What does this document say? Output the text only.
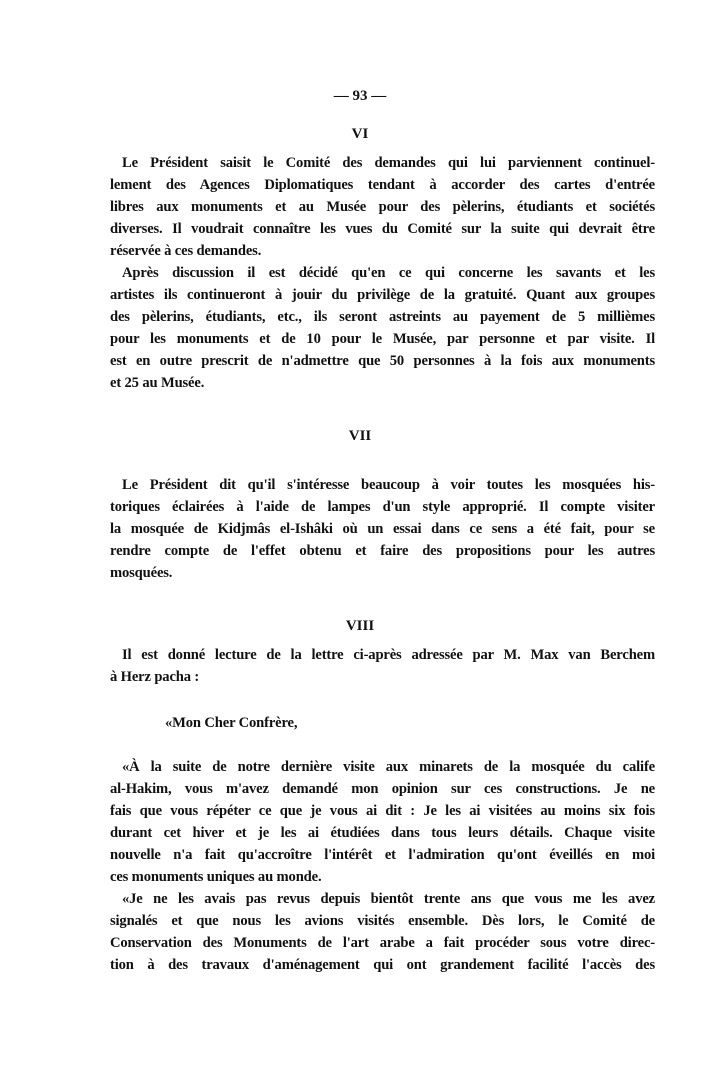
— 93 —
VI
Le Président saisit le Comité des demandes qui lui parviennent continuel-
lement des Agences Diplomatiques tendant à accorder des cartes d'entrée
libres aux monuments et au Musée pour des pèlerins, étudiants et sociétés
diverses. Il voudrait connaître les vues du Comité sur la suite qui devrait être
réservée à ces demandes.
Après discussion il est décidé qu'en ce qui concerne les savants et les
artistes ils continueront à jouir du privilège de la gratuité. Quant aux groupes
des pèlerins, étudiants, etc., ils seront astreints au payement de 5 millièmes
pour les monuments et de 10 pour le Musée, par personne et par visite. Il
est en outre prescrit de n'admettre que 50 personnes à la fois aux monuments
et 25 au Musée.
VII
Le Président dit qu'il s'intéresse beaucoup à voir toutes les mosquées his-
toriques éclairées à l'aide de lampes d'un style approprié. Il compte visiter
la mosquée de Kidjmâs el-Ishâki où un essai dans ce sens a été fait, pour se
rendre compte de l'effet obtenu et faire des propositions pour les autres
mosquées.
VIII
Il est donné lecture de la lettre ci-après adressée par M. Max van Berchem
à Herz pacha :
«Mon Cher Confrère,
«À la suite de notre dernière visite aux minarets de la mosquée du calife
al-Hakim, vous m'avez demandé mon opinion sur ces constructions. Je ne
fais que vous répéter ce que je vous ai dit : Je les ai visitées au moins six fois
durant cet hiver et je les ai étudiées dans tous leurs détails. Chaque visite
nouvelle n'a fait qu'accroître l'intérêt et l'admiration qu'ont éveillés en moi
ces monuments uniques au monde.
«Je ne les avais pas revus depuis bientôt trente ans que vous me les avez
signalés et que nous les avions visités ensemble. Dès lors, le Comité de
Conservation des Monuments de l'art arabe a fait procéder sous votre direc-
tion à des travaux d'aménagement qui ont grandement facilité l'accès des
